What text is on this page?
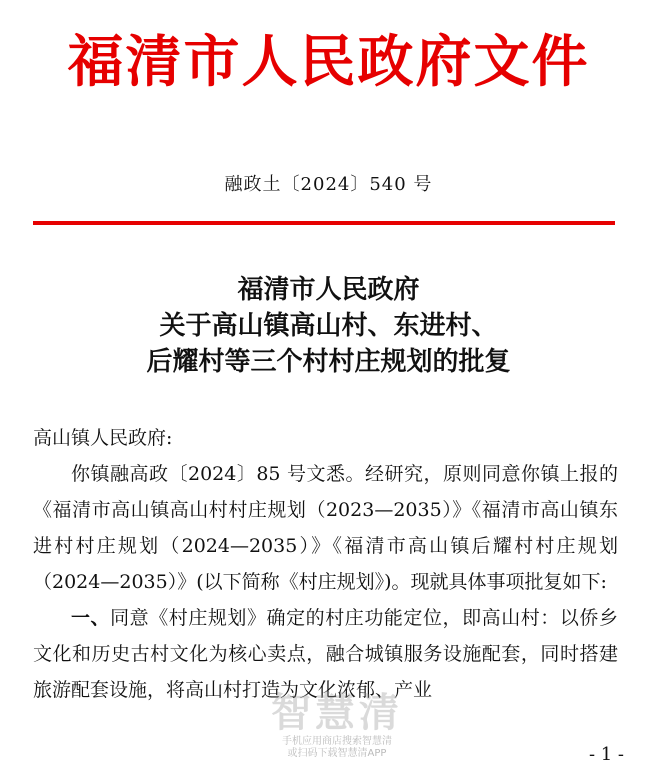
福清市人民政府文件
融政土〔2024〕540 号
福清市人民政府
关于高山镇高山村、东进村、
后耀村等三个村村庄规划的批复

高山镇人民政府:

你镇融高政〔2024〕85 号文悉。经研究，原则同意你镇上报的《福清市高山镇高山村村庄规划（2023—2035）》《福清市高山镇东进村村庄规划（2024—2035）》《福清市高山镇后耀村村庄规划（2024—2035）》(以下简称《村庄规划》)。现就具体事项批复如下:

一、同意《村庄规划》确定的村庄功能定位，即高山村：以侨乡文化和历史古村文化为核心卖点，融合城镇服务设施配套，同时搭建旅游配套设施，将高山村打造为文化浓郁、产业

智慧清
手机应用商店搜索智慧清
或扫码下载智慧清APP	- 1 -
